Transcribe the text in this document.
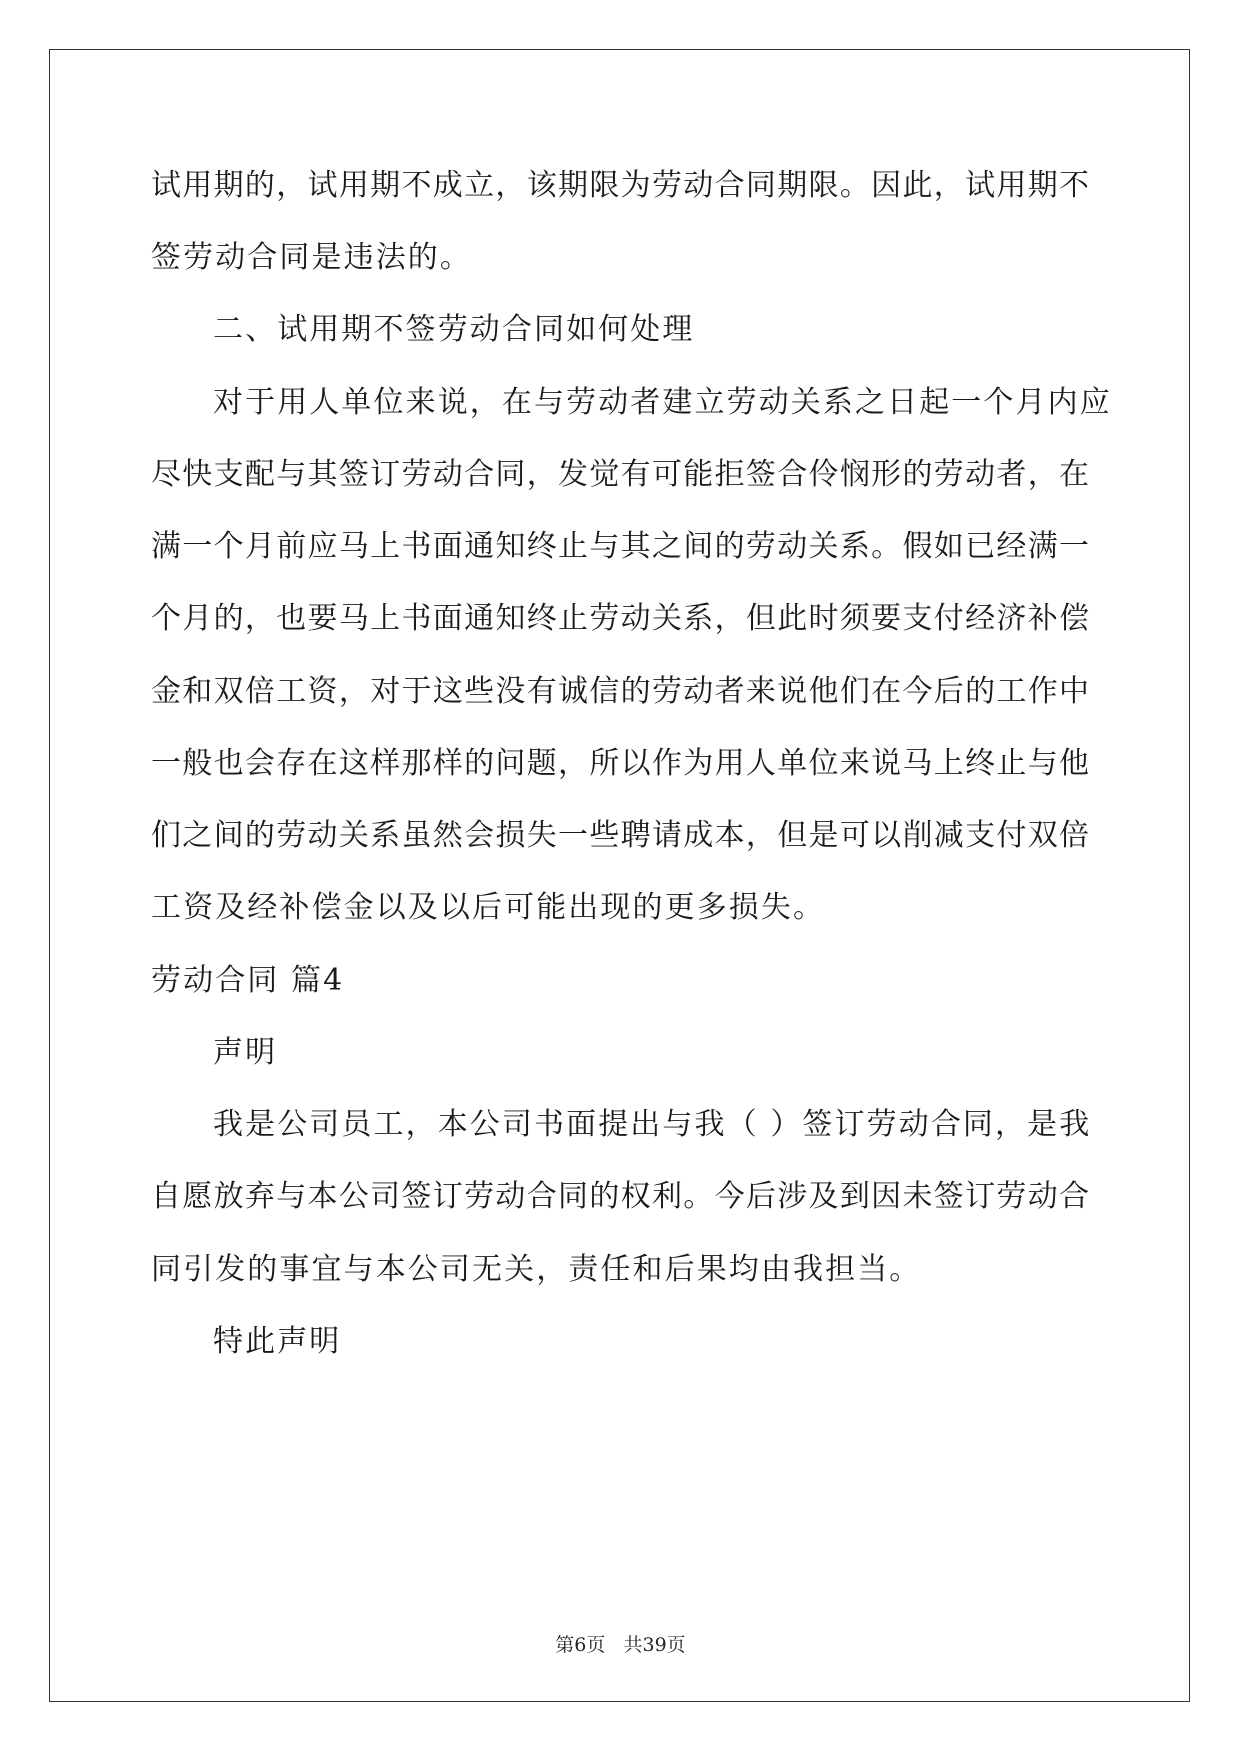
试用期的，试用期不成立，该期限为劳动合同期限。因此，试用期不
签劳动合同是违法的。
二、试用期不签劳动合同如何处理
对于用人单位来说，在与劳动者建立劳动关系之日起一个月内应
尽快支配与其签订劳动合同，发觉有可能拒签合伶悯形的劳动者，在
满一个月前应马上书面通知终止与其之间的劳动关系。假如已经满一
个月的，也要马上书面通知终止劳动关系，但此时须要支付经济补偿
金和双倍工资，对于这些没有诚信的劳动者来说他们在今后的工作中
一般也会存在这样那样的问题，所以作为用人单位来说马上终止与他
们之间的劳动关系虽然会损失一些聘请成本，但是可以削减支付双倍
工资及经补偿金以及以后可能出现的更多损失。
劳动合同 篇4
声明
我是公司员工，本公司书面提出与我（ ）签订劳动合同，是我
自愿放弃与本公司签订劳动合同的权利。今后涉及到因未签订劳动合
同引发的事宜与本公司无关，责任和后果均由我担当。
特此声明
第6页   共39页
